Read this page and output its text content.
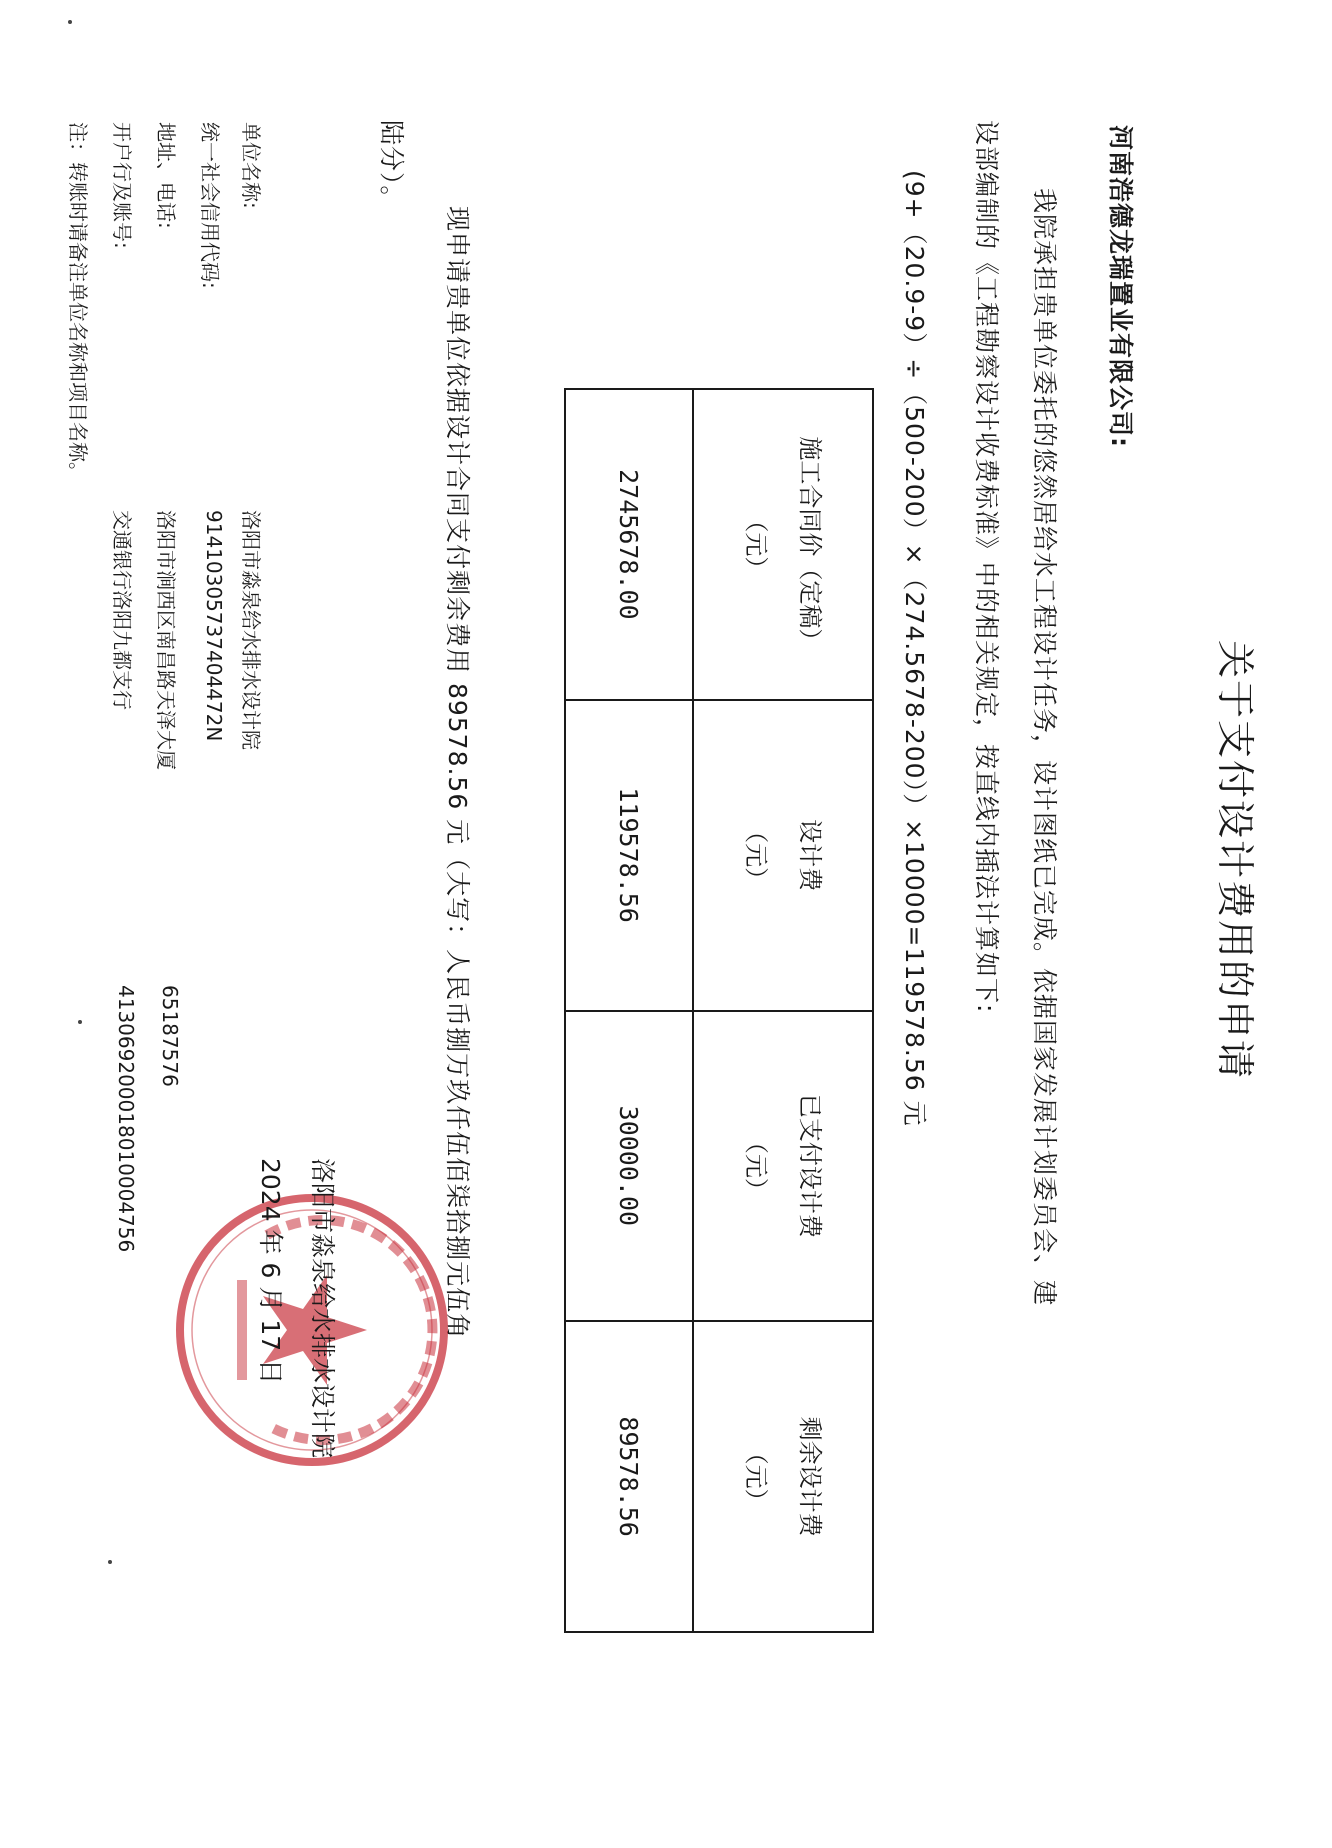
关于支付设计费用的申请
河南浩德龙瑞置业有限公司:
我院承担贵单位委托的悠然居给水工程设计任务，设计图纸已完成。依据国家发展计划委员会、建
设部编制的《工程勘察设计收费标准》中的相关规定，按直线内插法计算如下:
(9+（20.9-9）÷（500-200）×（274.5678-200））×10000=119578.56 元
施工合同价（定稿）
（元）	设计费
（元）	已支付设计费
（元）	剩余设计费
（元）

2745678.00	119578.56	30000.00	89578.56
现申请贵单位依据设计合同支付剩余费用 89578.56 元（大写：人民币捌万玖仟伍佰柒拾捌元伍角
陆分）。
洛阳市淼泉给水排水设计院
2024 年 6 月 17 日
单位名称:
洛阳市淼泉给水排水设计院
统一社会信用代码:
91410305737404472N
地址、电话:
洛阳市涧西区南昌路天泽大厦
65187576
开户行及账号:
交通银行洛阳九都支行
413069200018010004756
注：转账时请备注单位名称和项目名称。
